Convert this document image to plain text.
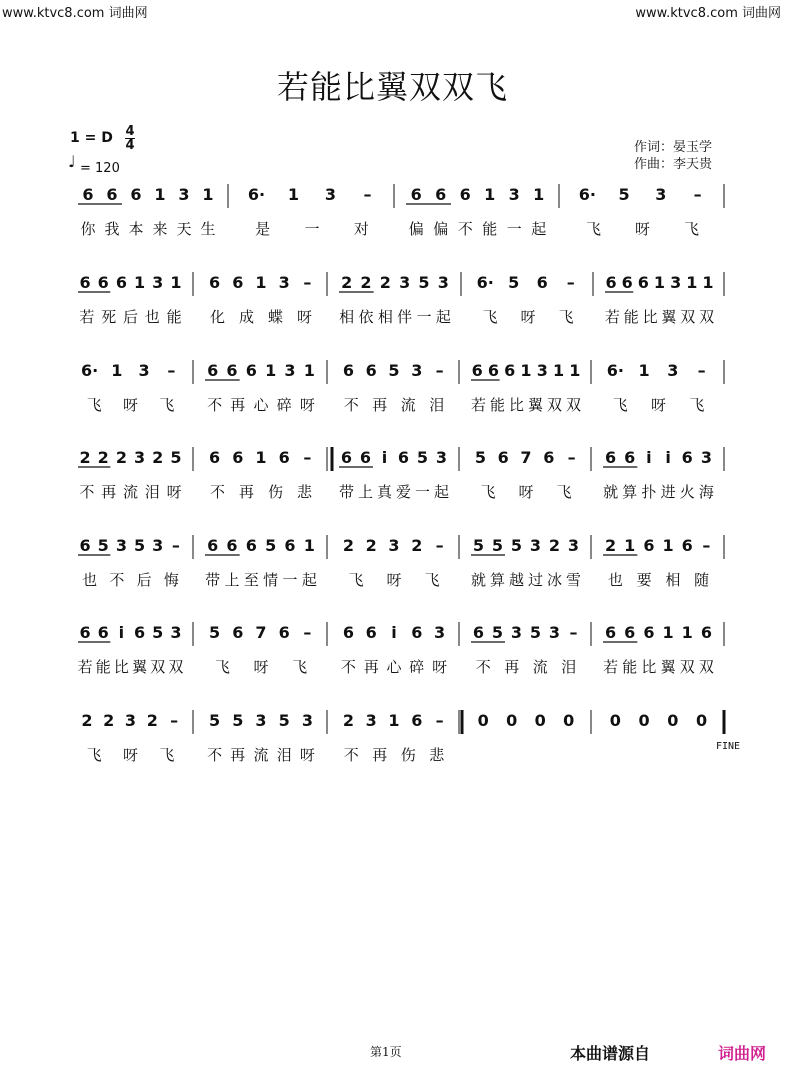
www.ktvc8.com 词曲网	www.ktvc8.com 词曲网
若能比翼双双飞
1 = D 4
4
♩ = 120
作词：晏玉学
作曲：李天贵
6 6 6 1 3 1
你 我 本 来 天 生
6· 1 3 –
是 一 对
6 6 6 1 3 1
偏 偏 不 能 一 起
6· 5 3 –
飞 呀 飞
6 6 6 1 3 1
若 死 后 也 能
6 6 1 3 –
化 成 蝶 呀
2 2 2 3 5 3
相 依 相 伴 一 起
6· 5 6 –
飞 呀 飞
6 6 6 1 3 1 1
若 能 比 翼 双 双
6· 1 3 –
飞 呀 飞
6 6 6 1 3 1
不 再 心 碎 呀
6 6 5 3 –
不 再 流 泪
6 6 6 1 3 1 1
若 能 比 翼 双 双
6· 1 3 –
飞 呀 飞
2 2 2 3 2 5
不 再 流 泪 呀
6 6 1 6 –
不 再 伤 悲
6 6 i 6 5 3
带 上 真 爱 一 起
5 6 7 6 –
飞 呀 飞
6 6 i i 6 3
就 算 扑 进 火 海
6 5 3 5 3 –
也 不 后 悔
6 6 6 5 6 1
带 上 至 情 一 起
2 2 3 2 –
飞 呀 飞
5 5 5 3 2 3
就 算 越 过 冰 雪
2 1 6 1 6 –
也 要 相 随
6 6 i 6 5 3
若 能 比 翼 双 双
5 6 7 6 –
飞 呀 飞
6 6 i 6 3
不 再 心 碎 呀
6 5 3 5 3 –
不 再 流 泪
6 6 6 1 1 6
若 能 比 翼 双 双
2 2 3 2 –
飞 呀 飞
5 5 3 5 3
不 再 流 泪 呀
2 3 1 6 –
不 再 伤 悲
0 0 0 0 0 0 0 0
FINE
第1页	本曲谱源自	词曲网
